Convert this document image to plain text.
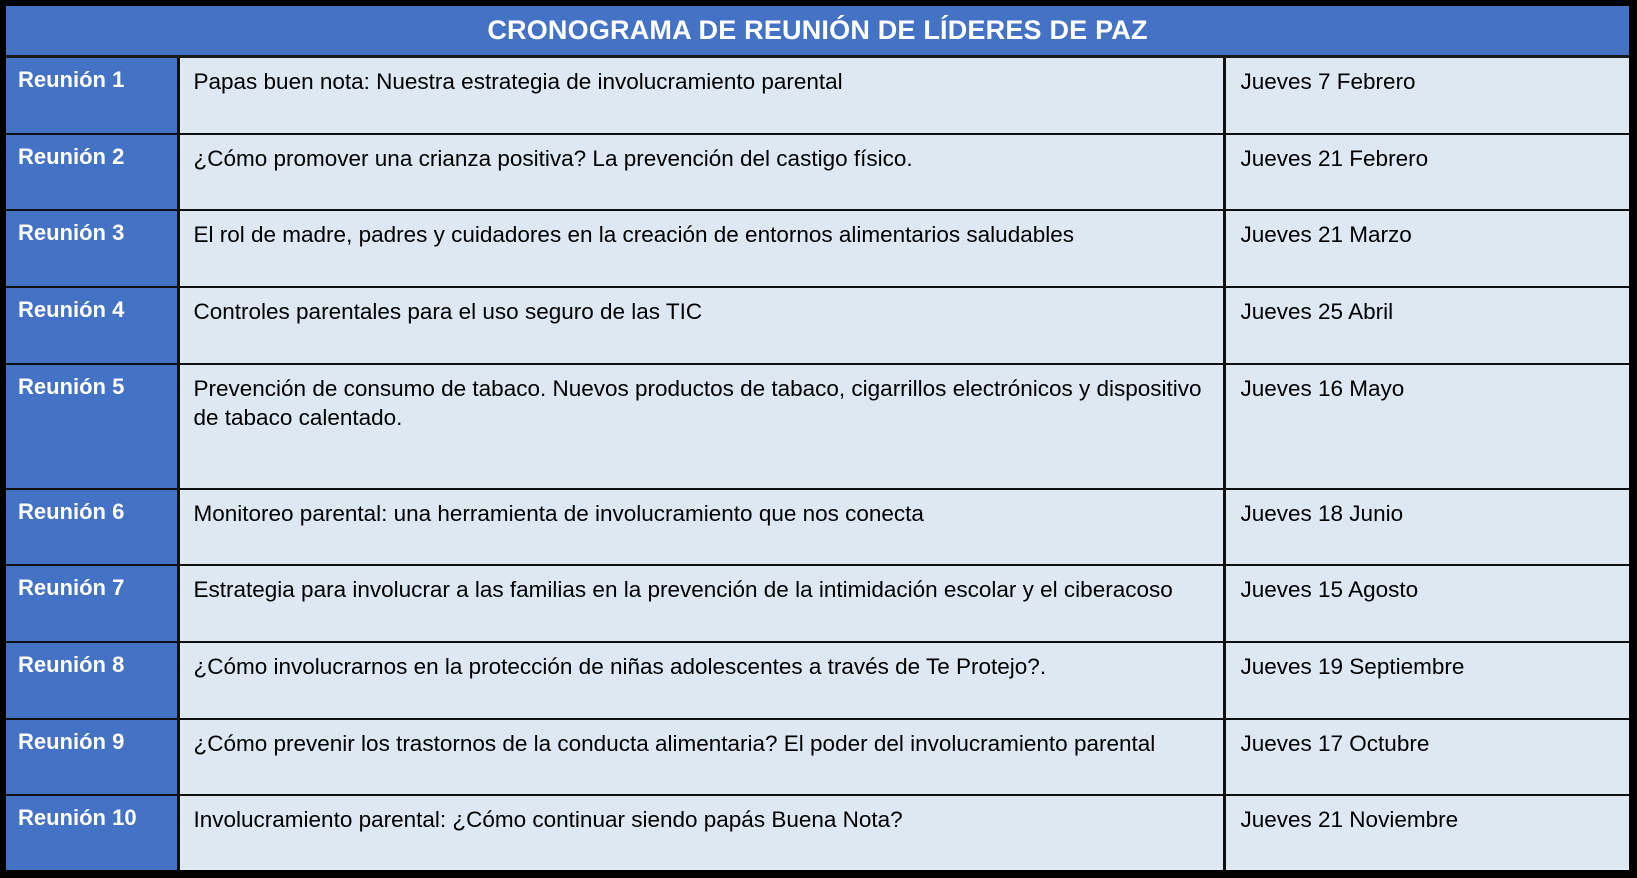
CRONOGRAMA DE REUNIÓN DE LÍDERES DE PAZ		
Reunión 1	Papas buen nota: Nuestra estrategia de involucramiento parental	Jueves 7 Febrero
Reunión 2	¿Cómo promover una crianza positiva? La prevención del castigo físico.	Jueves 21 Febrero
Reunión 3	El rol de madre, padres y cuidadores en la creación de entornos alimentarios saludables	Jueves 21 Marzo
Reunión 4	Controles parentales para el uso seguro de las TIC	Jueves 25 Abril
Reunión 5	Prevención de consumo de tabaco. Nuevos productos de tabaco, cigarrillos electrónicos y dispositivo de tabaco calentado.	Jueves 16 Mayo
Reunión 6	Monitoreo parental: una herramienta de involucramiento que nos conecta	Jueves 18 Junio
Reunión 7	Estrategia para involucrar a las familias en la prevención de la intimidación escolar y el ciberacoso	Jueves 15 Agosto
Reunión 8	¿Cómo involucrarnos en la protección de niñas adolescentes a través de Te Protejo?.	Jueves 19 Septiembre
Reunión 9	¿Cómo prevenir los trastornos de la conducta alimentaria? El poder del involucramiento parental	Jueves 17 Octubre
Reunión 10	Involucramiento parental: ¿Cómo continuar siendo papás Buena Nota?	Jueves 21 Noviembre
